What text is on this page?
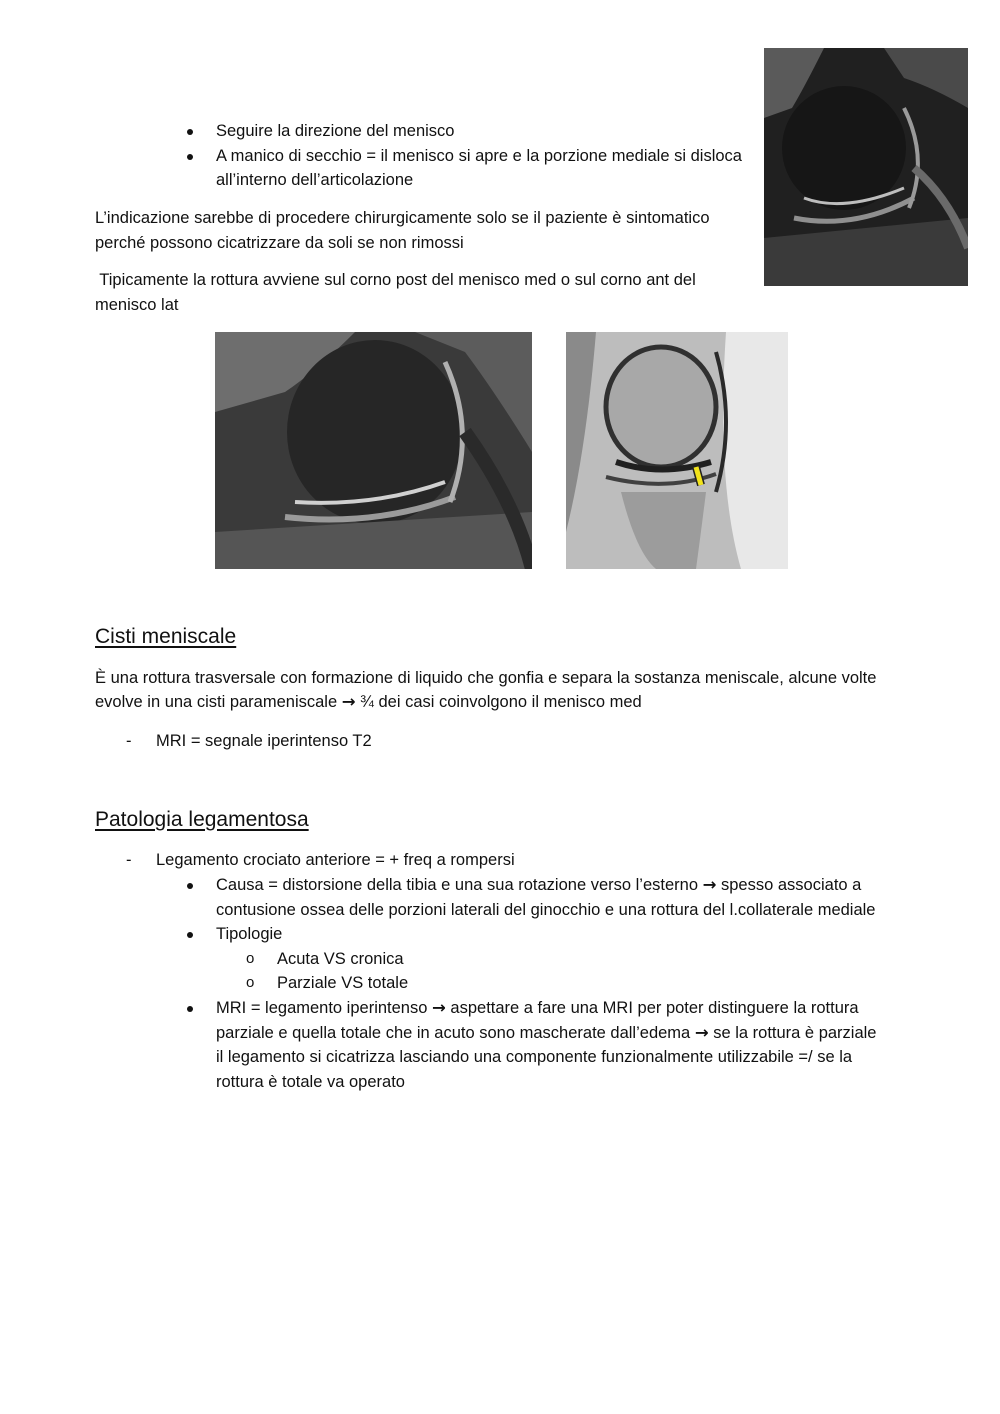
Seguire la direzione del menisco
A manico di secchio = il menisco si apre e la porzione mediale si disloca
all’interno dell’articolazione
L’indicazione sarebbe di procedere chirurgicamente solo se il paziente è sintomatico
perché possono cicatrizzare da soli se non rimossi
Tipicamente la rottura avviene sul corno post del menisco med o sul corno ant del
menisco lat
Cisti meniscale
È una rottura trasversale con formazione di liquido che gonfia e separa la sostanza meniscale, alcune volte
evolve in una cisti parameniscale → ¾ dei casi coinvolgono il menisco med
- MRI = segnale iperintenso T2
Patologia legamentosa
- Legamento crociato anteriore = + freq a rompersi
Causa = distorsione della tibia e una sua rotazione verso l’esterno → spesso associato a
contusione ossea delle porzioni laterali del ginocchio e una rottura del l.collaterale mediale
Tipologie
o Acuta VS cronica
o Parziale VS totale
MRI = legamento iperintenso → aspettare a fare una MRI per poter distinguere la rottura
parziale e quella totale che in acuto sono mascherate dall’edema → se la rottura è parziale
il legamento si cicatrizza lasciando una componente funzionalmente utilizzabile =/ se la
rottura è totale va operato
